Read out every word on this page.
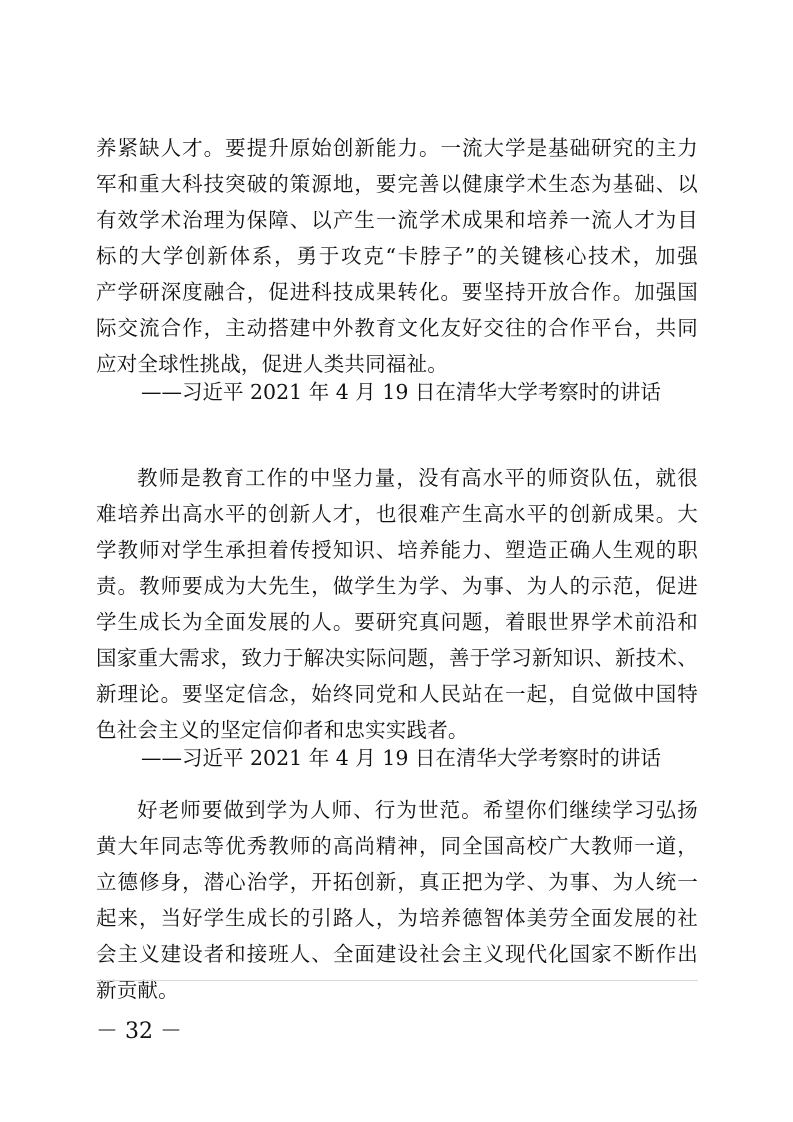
养紧缺人才。要提升原始创新能力。一流大学是基础研究的主力
军和重大科技突破的策源地，要完善以健康学术生态为基础、以
有效学术治理为保障、以产生一流学术成果和培养一流人才为目
标的大学创新体系，勇于攻克“卡脖子”的关键核心技术，加强
产学研深度融合，促进科技成果转化。要坚持开放合作。加强国
际交流合作，主动搭建中外教育文化友好交往的合作平台，共同
应对全球性挑战，促进人类共同福祉。

——习近平 2021 年 4 月 19 日在清华大学考察时的讲话

教师是教育工作的中坚力量，没有高水平的师资队伍，就很
难培养出高水平的创新人才，也很难产生高水平的创新成果。大
学教师对学生承担着传授知识、培养能力、塑造正确人生观的职
责。教师要成为大先生，做学生为学、为事、为人的示范，促进
学生成长为全面发展的人。要研究真问题，着眼世界学术前沿和
国家重大需求，致力于解决实际问题，善于学习新知识、新技术、
新理论。要坚定信念，始终同党和人民站在一起，自觉做中国特
色社会主义的坚定信仰者和忠实实践者。

——习近平 2021 年 4 月 19 日在清华大学考察时的讲话

好老师要做到学为人师、行为世范。希望你们继续学习弘扬
黄大年同志等优秀教师的高尚精神，同全国高校广大教师一道，
立德修身，潜心治学，开拓创新，真正把为学、为事、为人统一
起来，当好学生成长的引路人，为培养德智体美劳全面发展的社
会主义建设者和接班人、全面建设社会主义现代化国家不断作出
新贡献。

－ 32 －
